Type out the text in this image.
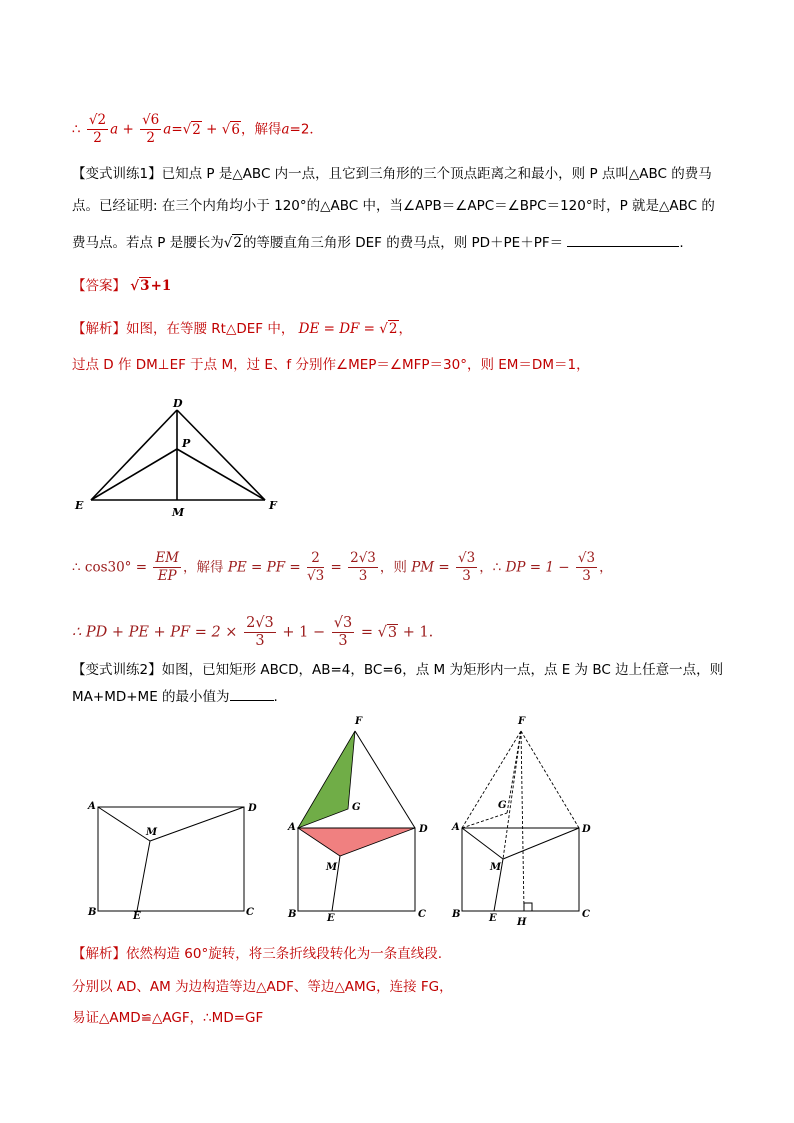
∴ $\frac{√2}{2}$ $a + \frac{√6}{2} a=√2 + √6$，解得a=2．
【变式训练1】已知点 P 是△ABC 内一点，且它到三角形的三个顶点距离之和最小，则 P 点叫△ABC 的费马
点。已经证明: 在三个内角均小于 120°的△ABC 中，当∠APB＝∠APC＝∠BPC＝120°时，P 就是△ABC 的
费马点。若点 P 是腰长为√2的等腰直角三角形 DEF 的费马点，则 PD＋PE＋PF＝	.
【答案】 √3+1
【解析】如图，在等腰 Rt△DEF 中， DE = DF = √2，
过点 D 作 DM⊥EF 于点 M，过 E、f 分别作∠MEP＝∠MFP＝30°，则 EM＝DM＝1，
D
P
E
M
F
∴ $\cos 30^\circ = \frac{EM}{EP}$ ，解得 PE = PF = $\frac{2}{√3} = \frac{2√3}{3}$ ，则 PM = $\frac{√3}{3}$ ，∴ DP = $1 - \frac{√3}{3}$ ，
∴ PD + PE + PF = $2 \times \frac{2√3}{3} + 1 - \frac{√3}{3} = √3 + 1$.
【变式训练2】如图，已知矩形 ABCD，AB=4，BC=6，点 M 为矩形内一点，点 E 为 BC 边上任意一点，则
MA+MD+ME 的最小值为	.
A	D
M
B	E	C
F
G
A	D
M
B	E	C
F
G
A	D
M
B	E H
C
【解析】依然构造 60°旋转，将三条折线段转化为一条直线段.
分别以 AD、AM 为边构造等边△ADF、等边△AMG，连接 FG，
易证△AMD≌△AGF，∴MD=GF
